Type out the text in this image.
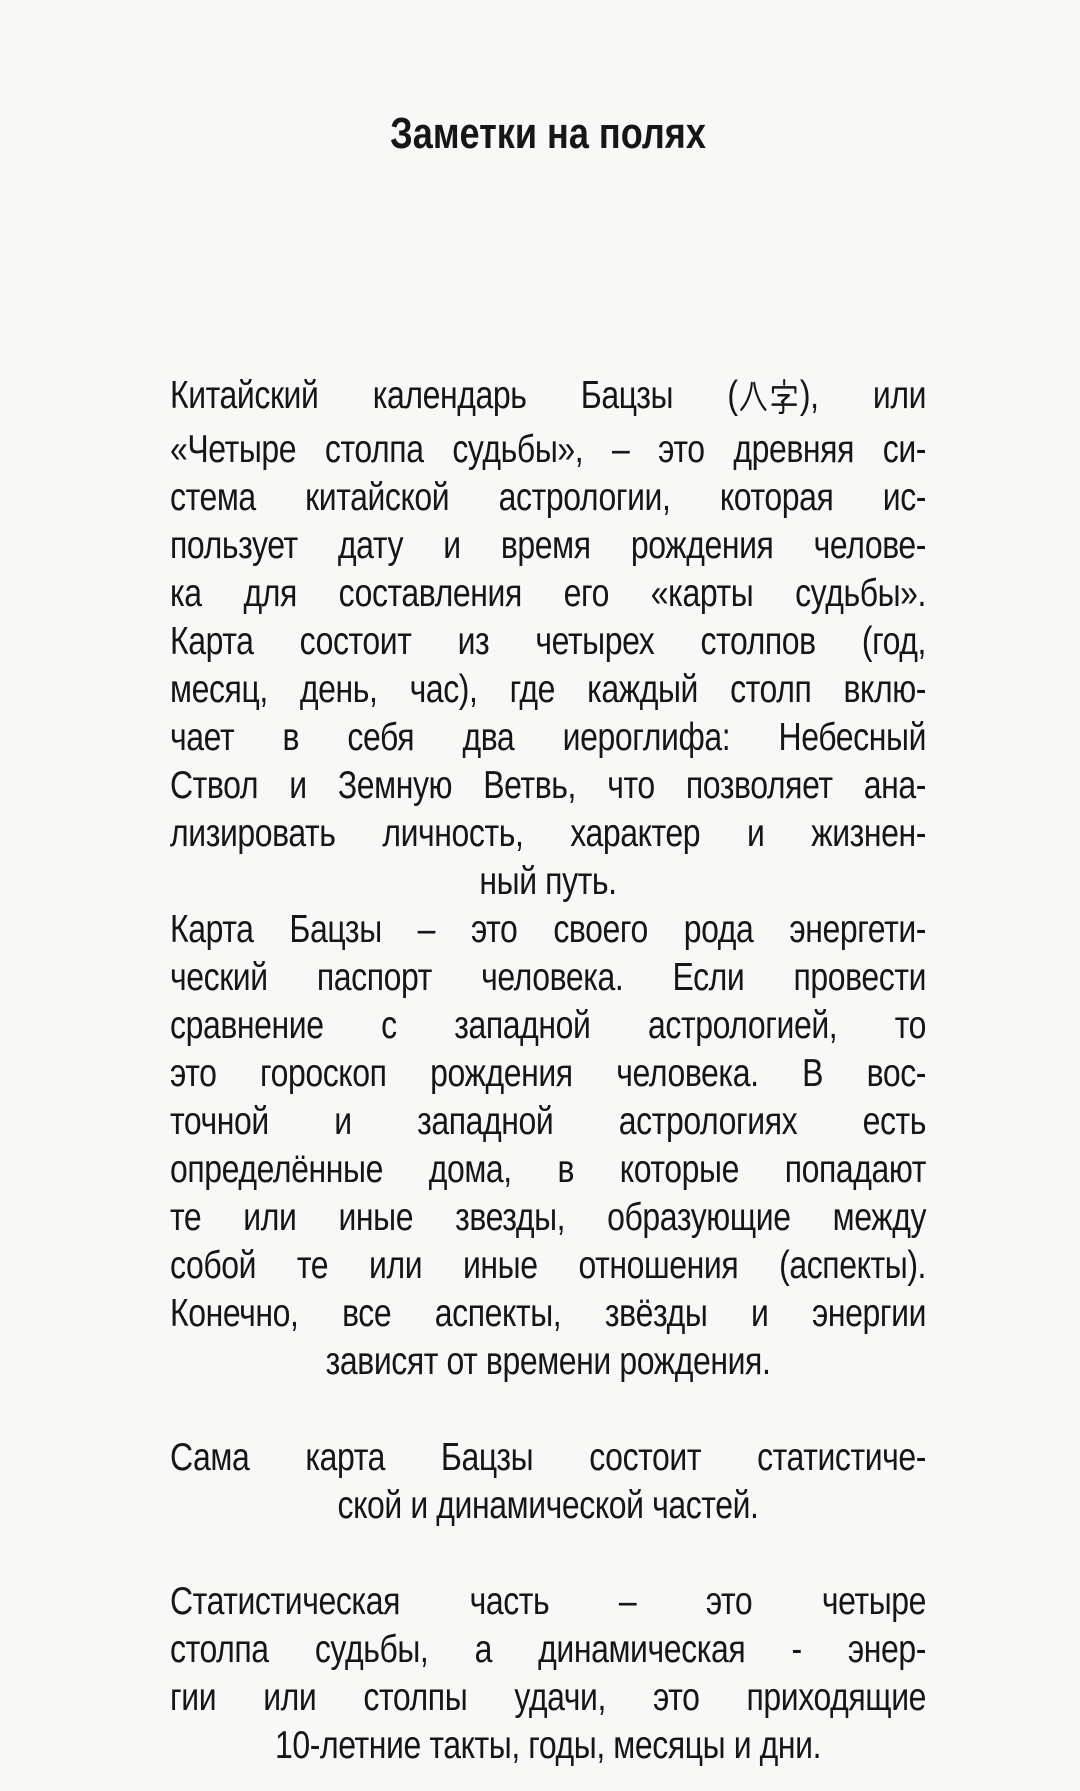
Заметки на полях
Китайский календарь Бацзы ( ), или
«Четыре столпа судьбы», – это древняя си-
стема китайской астрологии, которая ис-
пользует дату и время рождения челове-
ка для составления его «карты судьбы».
Карта состоит из четырех столпов (год,
месяц, день, час), где каждый столп вклю-
чает в себя два иероглифа: Небесный
Ствол и Земную Ветвь, что позволяет ана-
лизировать личность, характер и жизнен-
ный путь.
Карта Бацзы – это своего рода энергети-
ческий паспорт человека. Если провести
сравнение с западной астрологией, то
это гороскоп рождения человека. В вос-
точной и западной астрологиях есть
определённые дома, в которые попадают
те или иные звезды, образующие между
собой те или иные отношения (аспекты).
Конечно, все аспекты, звёзды и энергии
зависят от времени рождения.
Сама карта Бацзы состоит статистиче-
ской и динамической частей.
Статистическая часть – это четыре
столпа судьбы, а динамическая - энер-
гии или столпы удачи, это приходящие
10-летние такты, годы, месяцы и дни.
